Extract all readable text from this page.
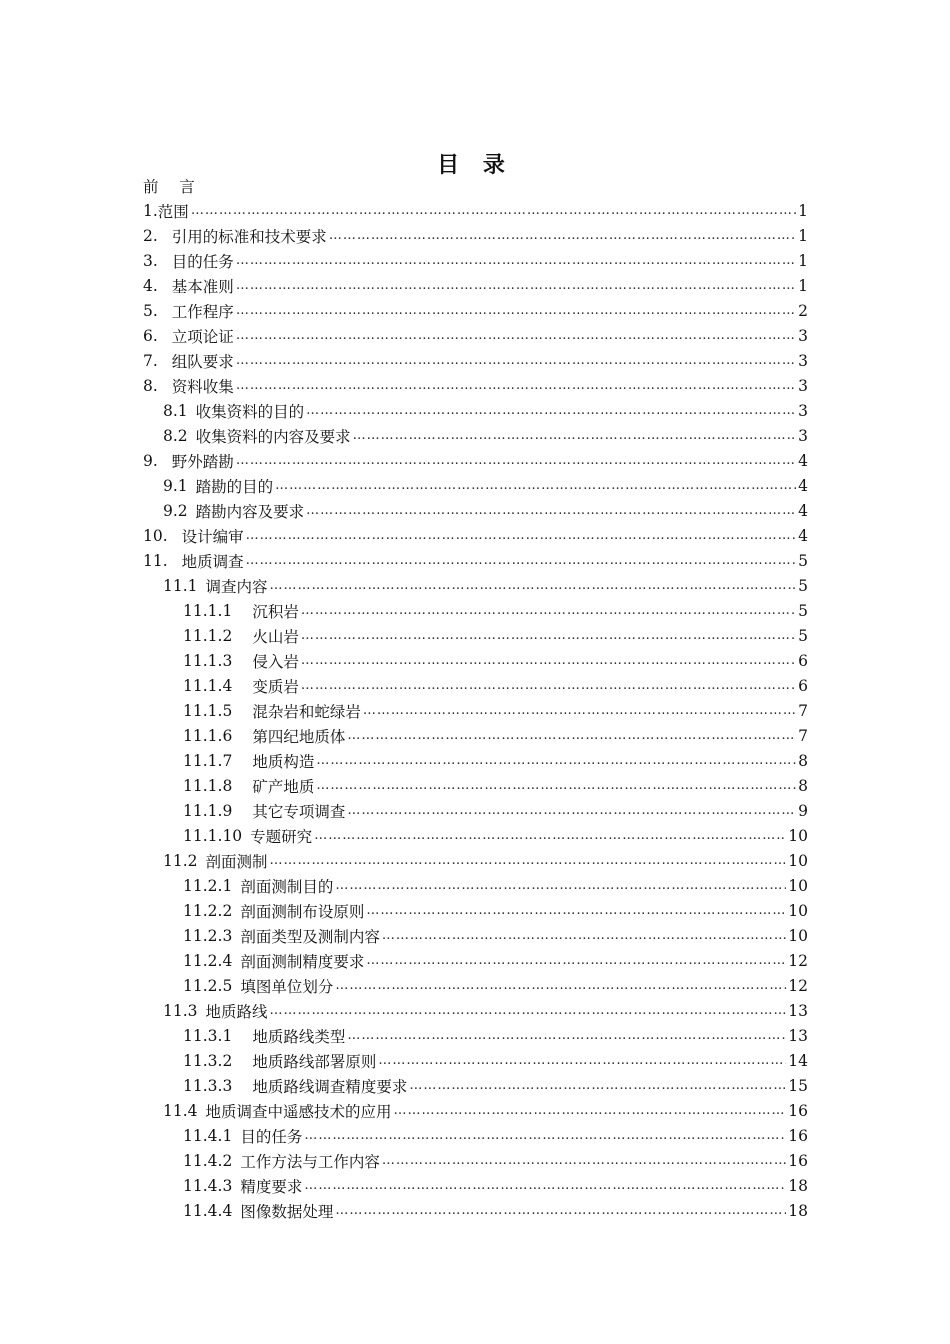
目 录
前 言
1. 范围 ……………………………………………………………………………………………………………………………………………………………………………………………………………	1
2. 引用的标准和技术要求 ……………………………………………………………………………………………………………………………………………………………………………………………………………	1
3. 目的任务 ……………………………………………………………………………………………………………………………………………………………………………………………………………	1
4. 基本准则 ……………………………………………………………………………………………………………………………………………………………………………………………………………	1
5. 工作程序 ……………………………………………………………………………………………………………………………………………………………………………………………………………	2
6. 立项论证 ……………………………………………………………………………………………………………………………………………………………………………………………………………	3
7. 组队要求 ……………………………………………………………………………………………………………………………………………………………………………………………………………	3
8. 资料收集 ……………………………………………………………………………………………………………………………………………………………………………………………………………	3
8.1 收集资料的目的 ……………………………………………………………………………………………………………………………………………………………………………………………………………	3
8.2 收集资料的内容及要求 ……………………………………………………………………………………………………………………………………………………………………………………………………………	3
9. 野外踏勘 ……………………………………………………………………………………………………………………………………………………………………………………………………………	4
9.1 踏勘的目的 ……………………………………………………………………………………………………………………………………………………………………………………………………………	4
9.2 踏勘内容及要求 ……………………………………………………………………………………………………………………………………………………………………………………………………………	4
10. 设计编审 ……………………………………………………………………………………………………………………………………………………………………………………………………………	4
11. 地质调查 ……………………………………………………………………………………………………………………………………………………………………………………………………………	5
11.1 调查内容 ……………………………………………………………………………………………………………………………………………………………………………………………………………	5
11.1.1 沉积岩 ……………………………………………………………………………………………………………………………………………………………………………………………………………	5
11.1.2 火山岩 ……………………………………………………………………………………………………………………………………………………………………………………………………………	5
11.1.3 侵入岩 ……………………………………………………………………………………………………………………………………………………………………………………………………………	6
11.1.4 变质岩 ……………………………………………………………………………………………………………………………………………………………………………………………………………	6
11.1.5 混杂岩和蛇绿岩 ……………………………………………………………………………………………………………………………………………………………………………………………………………	7
11.1.6 第四纪地质体 ……………………………………………………………………………………………………………………………………………………………………………………………………………	7
11.1.7 地质构造 ……………………………………………………………………………………………………………………………………………………………………………………………………………	8
11.1.8 矿产地质 ……………………………………………………………………………………………………………………………………………………………………………………………………………	8
11.1.9 其它专项调查 ……………………………………………………………………………………………………………………………………………………………………………………………………………	9
11.1.10 专题研究 ……………………………………………………………………………………………………………………………………………………………………………………………………………	10
11.2 剖面测制 ……………………………………………………………………………………………………………………………………………………………………………………………………………	10
11.2.1 剖面测制目的 ……………………………………………………………………………………………………………………………………………………………………………………………………………	10
11.2.2 剖面测制布设原则 ……………………………………………………………………………………………………………………………………………………………………………………………………………	10
11.2.3 剖面类型及测制内容 ……………………………………………………………………………………………………………………………………………………………………………………………………………	10
11.2.4 剖面测制精度要求 ……………………………………………………………………………………………………………………………………………………………………………………………………………	12
11.2.5 填图单位划分 ……………………………………………………………………………………………………………………………………………………………………………………………………………	12
11.3 地质路线 ……………………………………………………………………………………………………………………………………………………………………………………………………………	13
11.3.1 地质路线类型 ……………………………………………………………………………………………………………………………………………………………………………………………………………	13
11.3.2 地质路线部署原则 ……………………………………………………………………………………………………………………………………………………………………………………………………………	14
11.3.3 地质路线调查精度要求 ……………………………………………………………………………………………………………………………………………………………………………………………………………	15
11.4 地质调查中遥感技术的应用 ……………………………………………………………………………………………………………………………………………………………………………………………………………	16
11.4.1 目的任务 ……………………………………………………………………………………………………………………………………………………………………………………………………………	16
11.4.2 工作方法与工作内容 ……………………………………………………………………………………………………………………………………………………………………………………………………………	16
11.4.3 精度要求 ……………………………………………………………………………………………………………………………………………………………………………………………………………	18
11.4.4 图像数据处理 ……………………………………………………………………………………………………………………………………………………………………………………………………………	18
